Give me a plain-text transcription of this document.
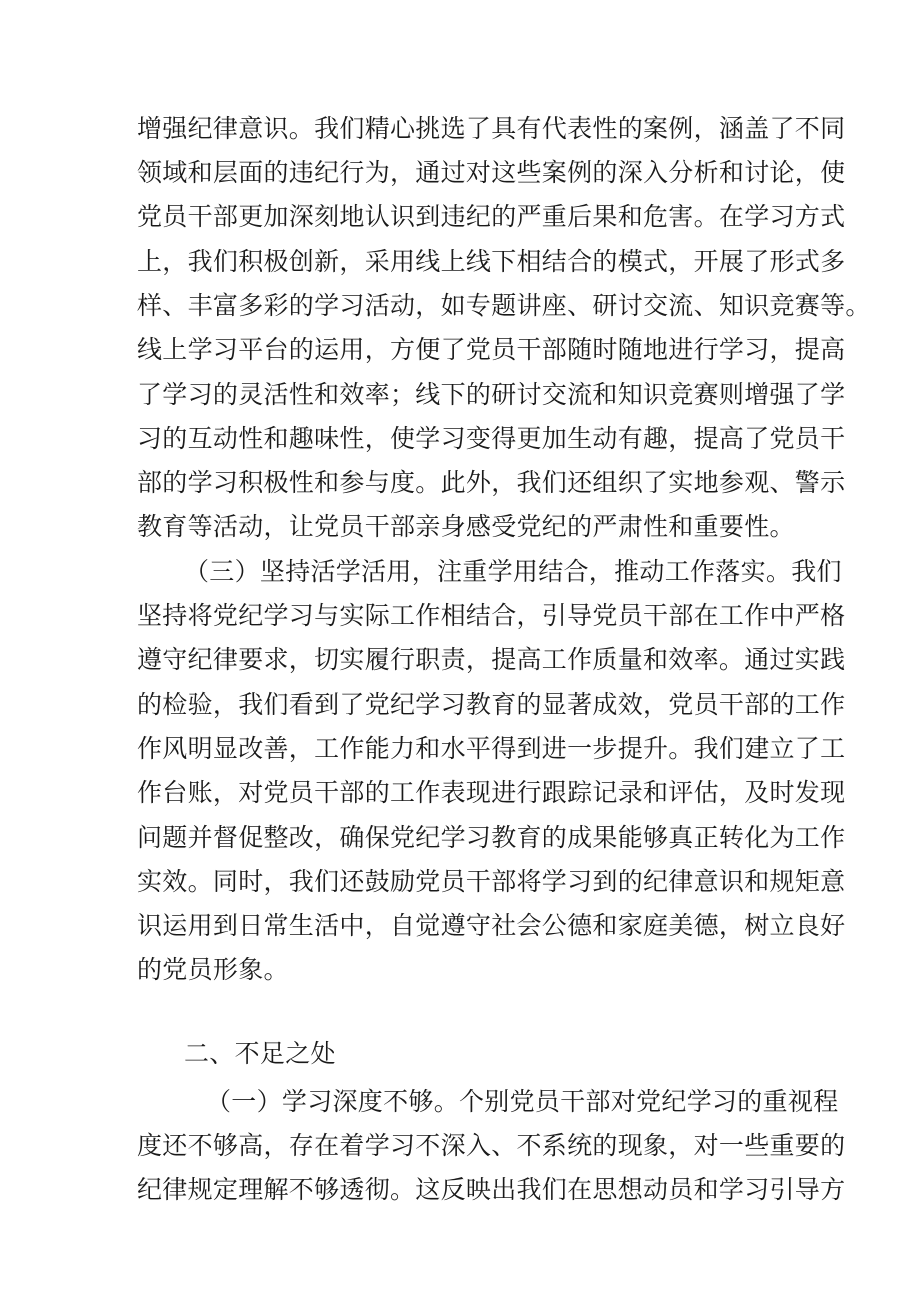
增强纪律意识。我们精心挑选了具有代表性的案例，涵盖了不同
领域和层面的违纪行为，通过对这些案例的深入分析和讨论，使
党员干部更加深刻地认识到违纪的严重后果和危害。在学习方式
上，我们积极创新，采用线上线下相结合的模式，开展了形式多
样、丰富多彩的学习活动，如专题讲座、研讨交流、知识竞赛等。
线上学习平台的运用，方便了党员干部随时随地进行学习，提高
了学习的灵活性和效率；线下的研讨交流和知识竞赛则增强了学
习的互动性和趣味性，使学习变得更加生动有趣，提高了党员干
部的学习积极性和参与度。此外，我们还组织了实地参观、警示
教育等活动，让党员干部亲身感受党纪的严肃性和重要性。
（三）坚持活学活用，注重学用结合，推动工作落实。我们
坚持将党纪学习与实际工作相结合，引导党员干部在工作中严格
遵守纪律要求，切实履行职责，提高工作质量和效率。通过实践
的检验，我们看到了党纪学习教育的显著成效，党员干部的工作
作风明显改善，工作能力和水平得到进一步提升。我们建立了工
作台账，对党员干部的工作表现进行跟踪记录和评估，及时发现
问题并督促整改，确保党纪学习教育的成果能够真正转化为工作
实效。同时，我们还鼓励党员干部将学习到的纪律意识和规矩意
识运用到日常生活中，自觉遵守社会公德和家庭美德，树立良好
的党员形象。
二、不足之处
（一）学习深度不够。个别党员干部对党纪学习的重视程
度还不够高，存在着学习不深入、不系统的现象，对一些重要的
纪律规定理解不够透彻。这反映出我们在思想动员和学习引导方
